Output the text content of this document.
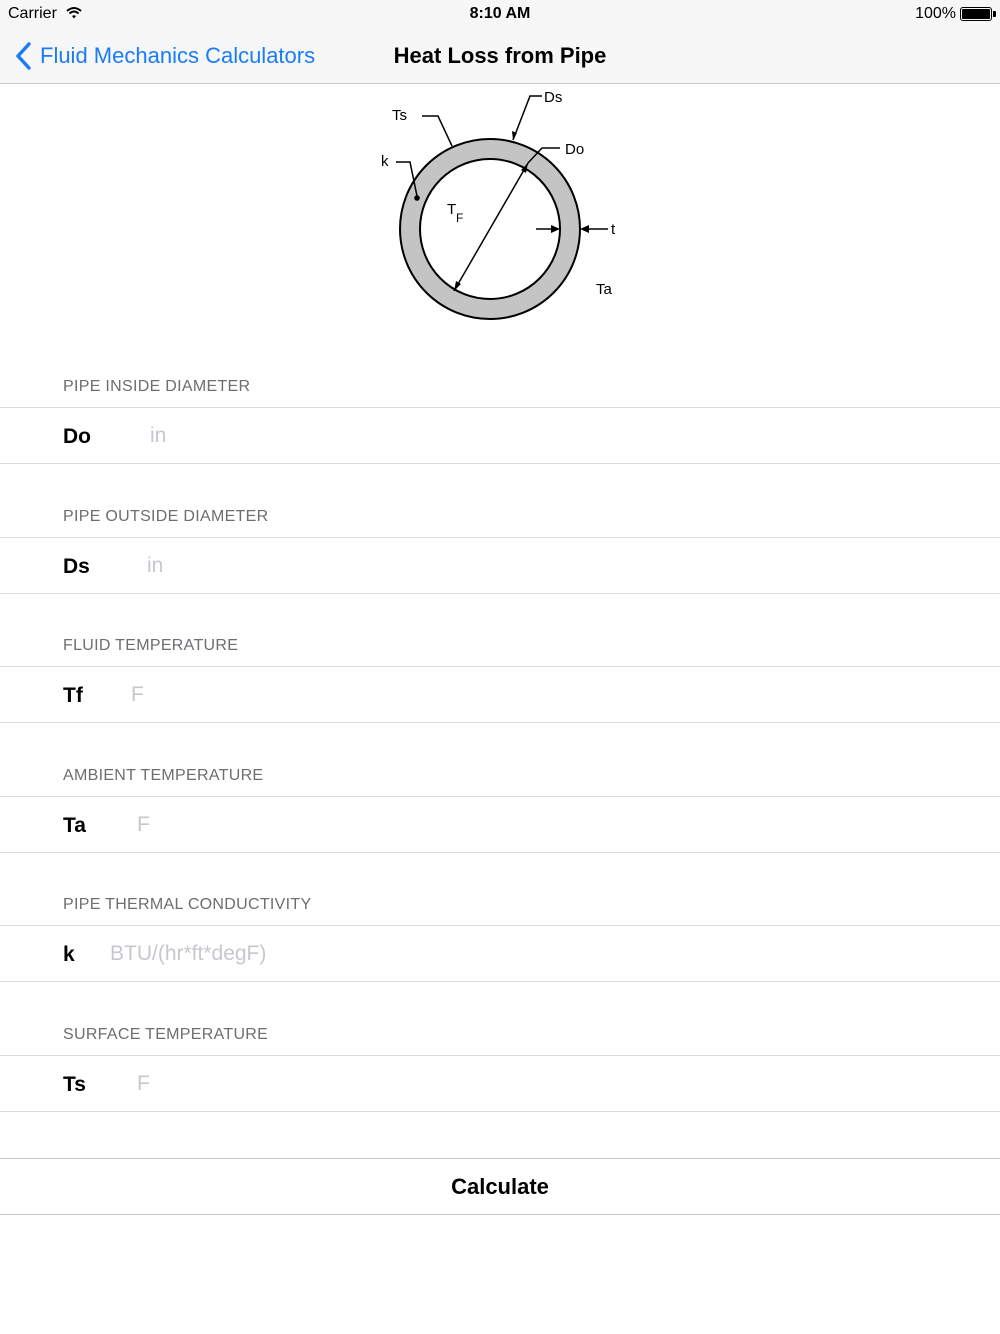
Carrier	8:10 AM	100%
Fluid Mechanics Calculators	Heat Loss from Pipe
Ds
Ts
Do
k
T F
t
Ta
PIPE INSIDE DIAMETER
Do
in
PIPE OUTSIDE DIAMETER
Ds
in
FLUID TEMPERATURE
Tf
F
AMBIENT TEMPERATURE
Ta
F
PIPE THERMAL CONDUCTIVITY
k
BTU/(hr*ft*degF)
SURFACE TEMPERATURE
Ts
F
Calculate
